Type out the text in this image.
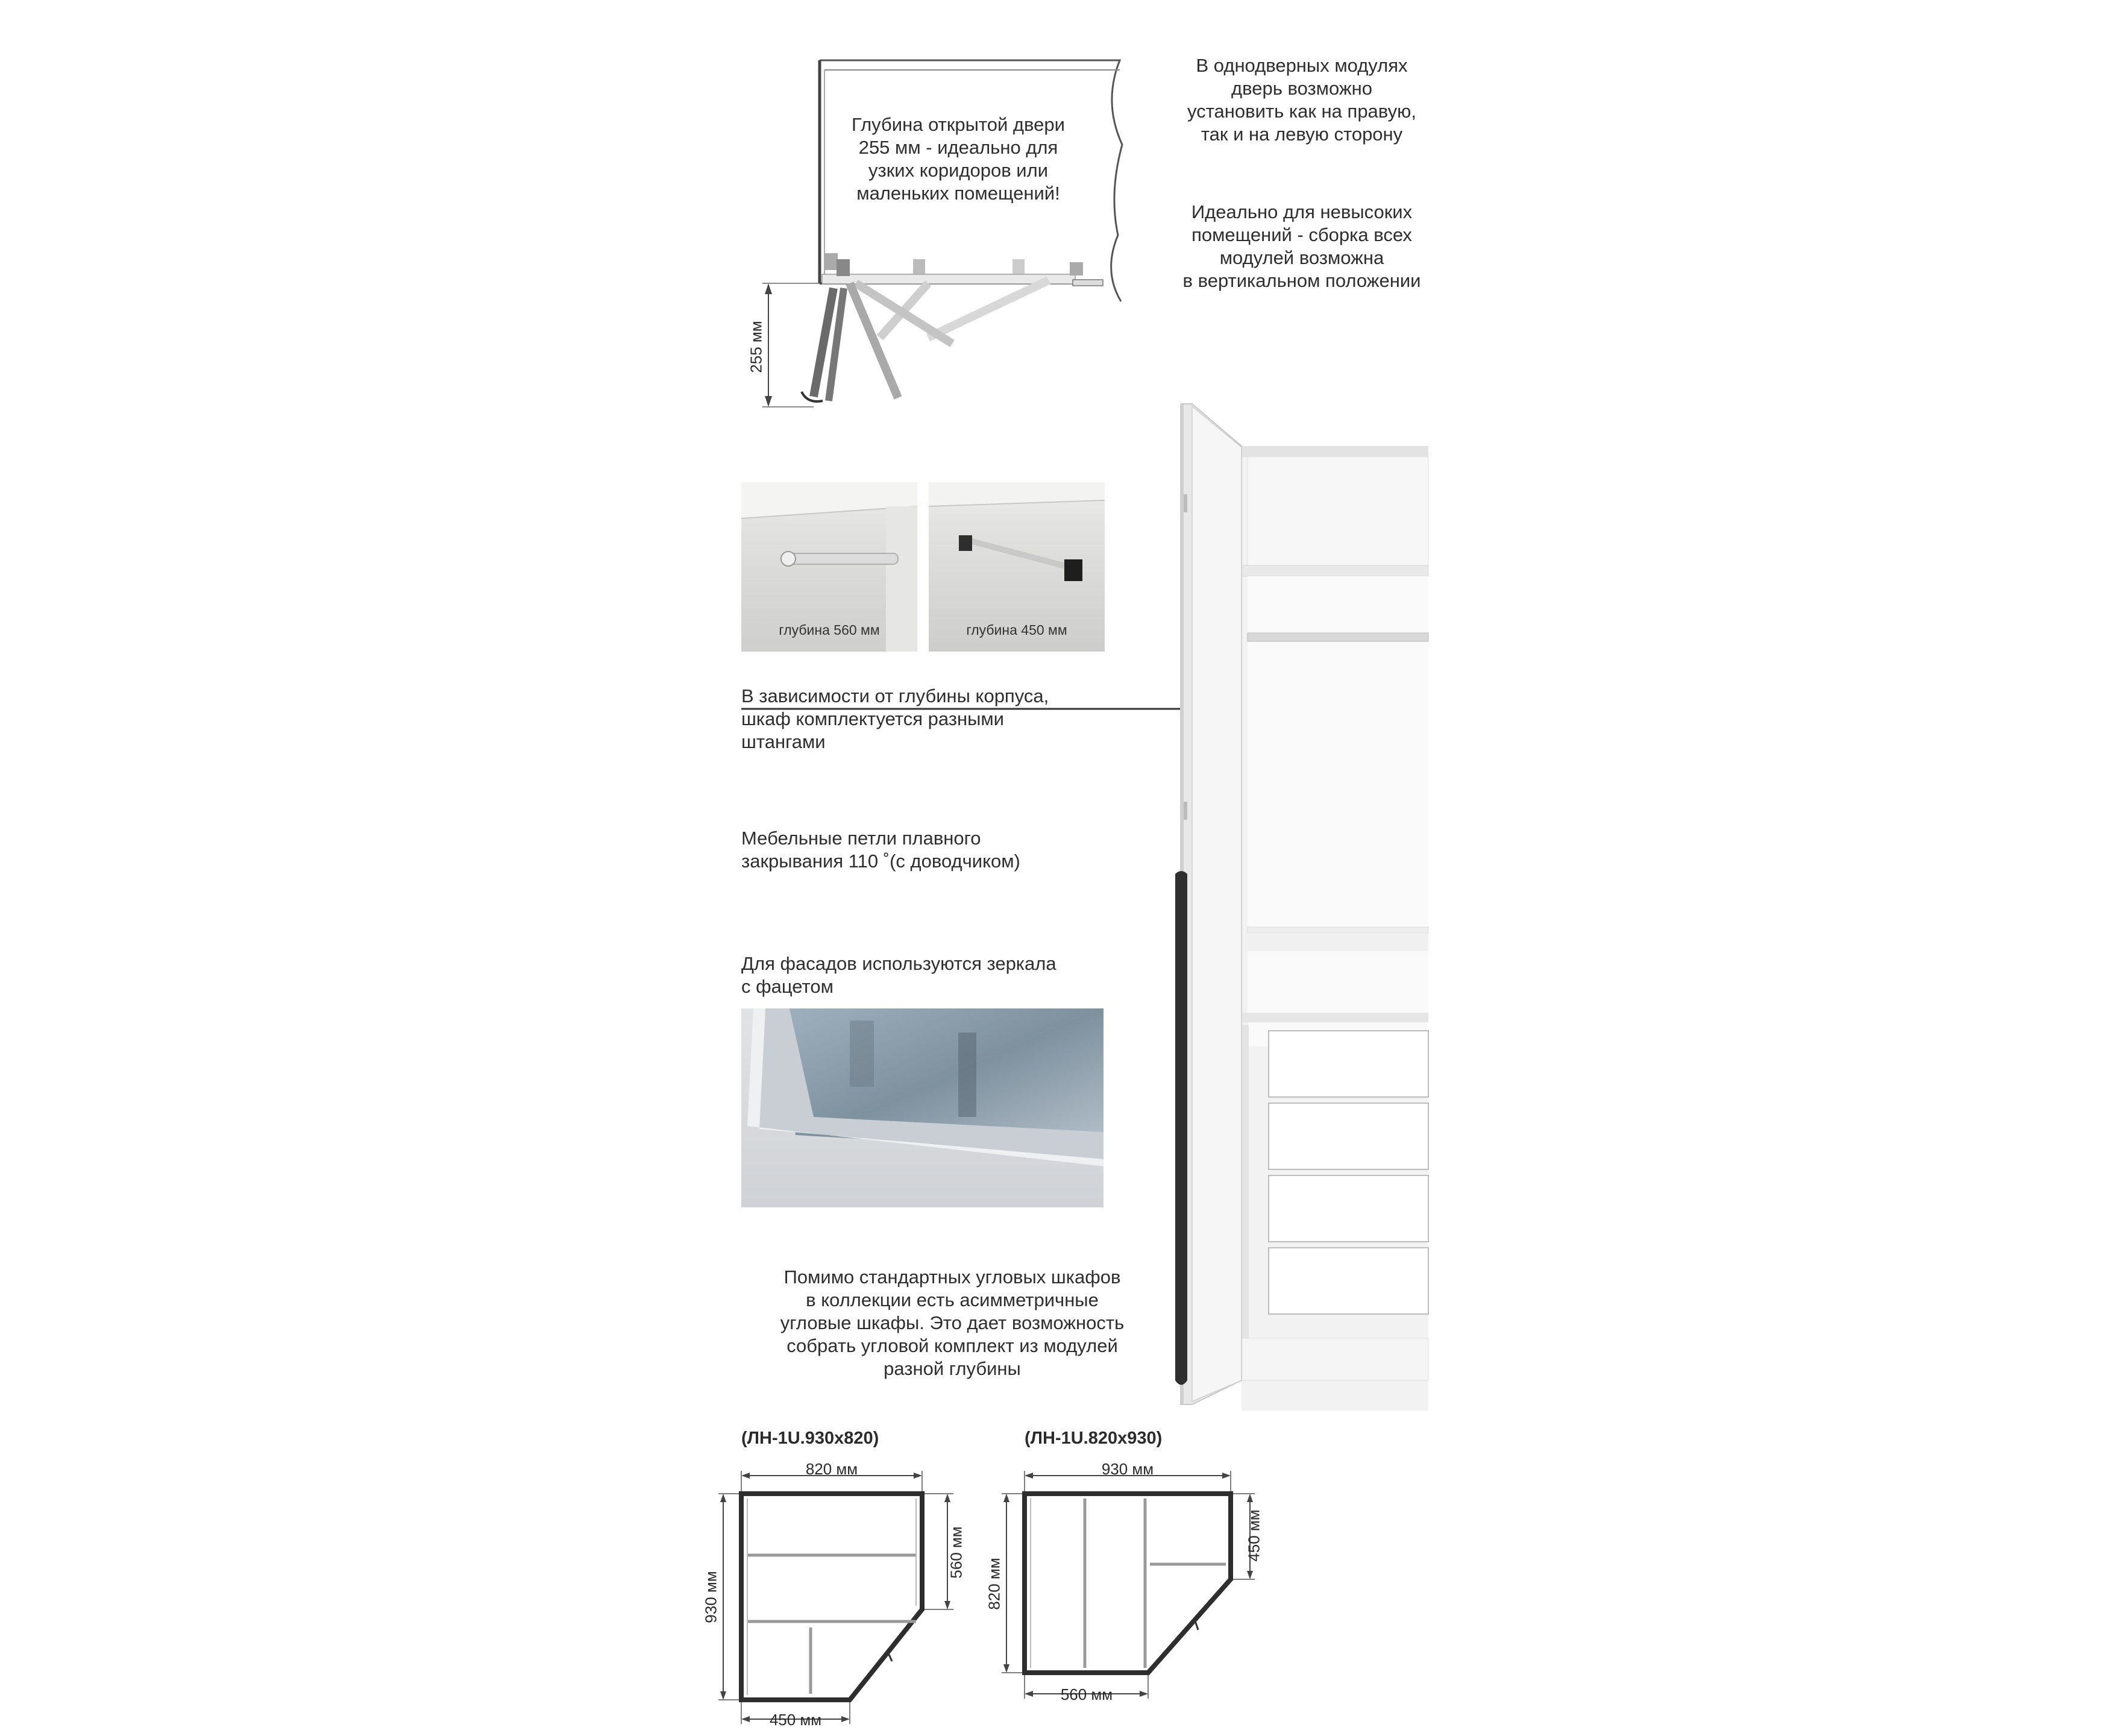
255 мм
Глубина открытой двери
255 мм - идеально для
узких коридоров или
маленьких помещений!
В однодверных модулях
дверь возможно
установить как на правую,
так и на левую сторону
Идеально для невысоких
помещений - сборка всех
модулей возможна
в вертикальном положении
глубина 560 мм	глубина 450 мм
В зависимости от глубины корпуса,
шкаф комплектуется разными
штангами
Мебельные петли плавного
закрывания 110 ˚(с доводчиком)
Для фасадов используются зеркала
с фацетом
Помимо стандартных угловых шкафов
в коллекции есть асимметричные
угловые шкафы. Это дает возможность
собрать угловой комплект из модулей
разной глубины
(ЛН-1U.930x820)
820 мм
930 мм
560 мм
450 мм
(ЛН-1U.820x930)
930 мм
820 мм
450 мм
560 мм
